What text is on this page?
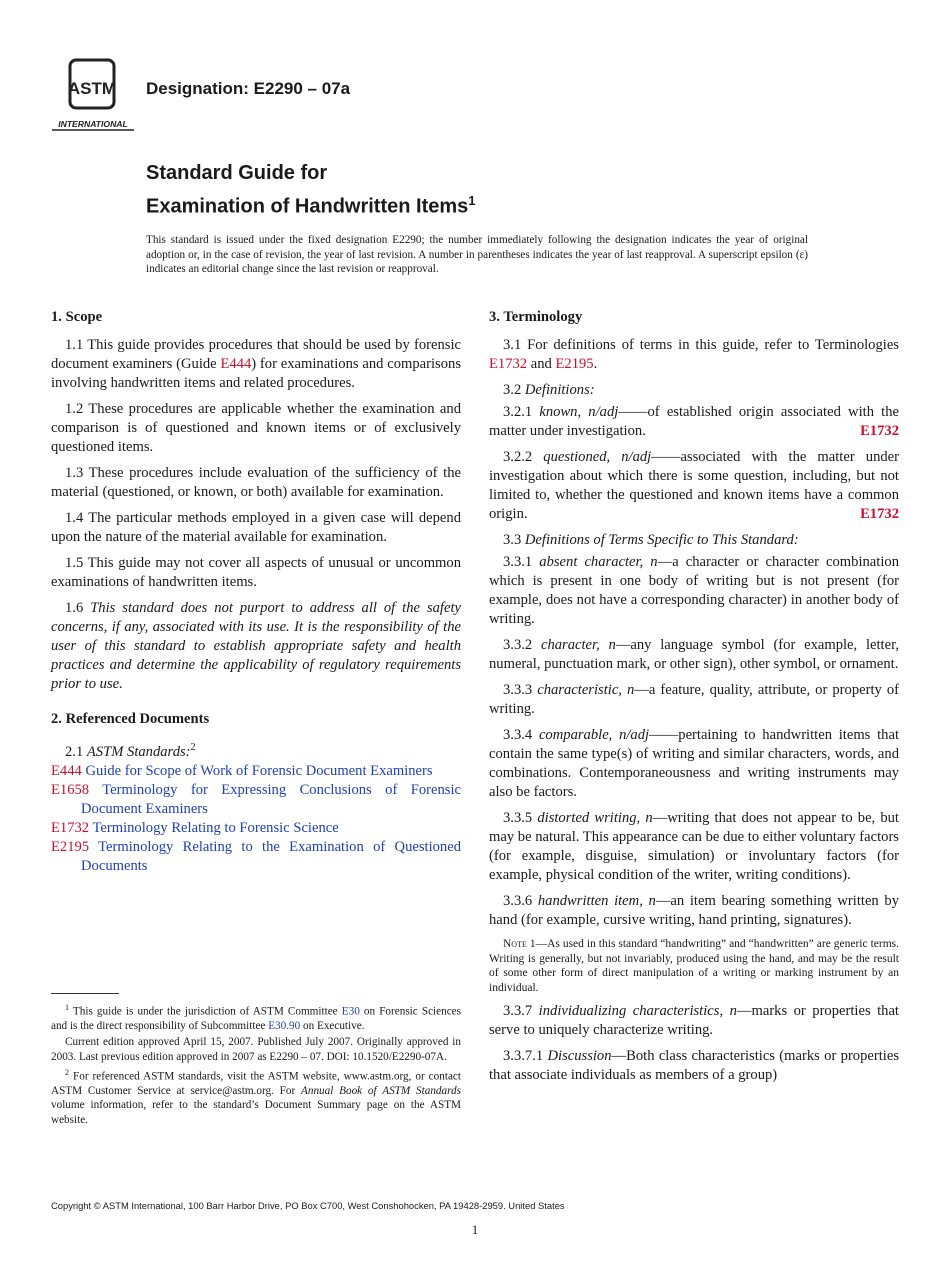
ASTM
INTERNATIONAL
Designation: E2290 – 07a
Standard Guide for
Examination of Handwritten Items$^1$
This standard is issued under the fixed designation E2290; the number immediately following the designation indicates the year of original adoption or, in the case of revision, the year of last revision. A number in parentheses indicates the year of last reapproval. A superscript epsilon (ε) indicates an editorial change since the last revision or reapproval.
1. Scope

1.1 This guide provides procedures that should be used by forensic document examiners (Guide E444) for examinations and comparisons involving handwritten items and related procedures.

1.2 These procedures are applicable whether the examination and comparison is of questioned and known items or of exclusively questioned items.

1.3 These procedures include evaluation of the sufficiency of the material (questioned, or known, or both) available for examination.

1.4 The particular methods employed in a given case will depend upon the nature of the material available for examination.

1.5 This guide may not cover all aspects of unusual or uncommon examinations of handwritten items.

1.6 This standard does not purport to address all of the safety concerns, if any, associated with its use. It is the responsibility of the user of this standard to establish appropriate safety and health practices and determine the applicability of regulatory requirements prior to use.

2. Referenced Documents

2.1 ASTM Standards:$^2$

E444 Guide for Scope of Work of Forensic Document Examiners
E1658 Terminology for Expressing Conclusions of Forensic Document Examiners
E1732 Terminology Relating to Forensic Science
E2195 Terminology Relating to the Examination of Questioned Documents

$^1$ This guide is under the jurisdiction of ASTM Committee E30 on Forensic Sciences and is the direct responsibility of Subcommittee E30.90 on Executive.

Current edition approved April 15, 2007. Published July 2007. Originally approved in 2003. Last previous edition approved in 2007 as E2290 – 07. DOI: 10.1520/E2290-07A.

$^2$ For referenced ASTM standards, visit the ASTM website, www.astm.org, or contact ASTM Customer Service at service@astm.org. For Annual Book of ASTM Standards volume information, refer to the standard’s Document Summary page on the ASTM website.

3. Terminology

3.1 For definitions of terms in this guide, refer to Terminologies E1732 and E2195.

3.2 Definitions:

3.2.1 known, n/adj——of established origin associated with the matter under investigation.	E1732

3.2.2 questioned, n/adj——associated with the matter under investigation about which there is some question, including, but not limited to, whether the questioned and known items have a common origin.	E1732

3.3 Definitions of Terms Specific to This Standard:

3.3.1 absent character, n—a character or character combination which is present in one body of writing but is not present (for example, does not have a corresponding character) in another body of writing.

3.3.2 character, n—any language symbol (for example, letter, numeral, punctuation mark, or other sign), other symbol, or ornament.

3.3.3 characteristic, n—a feature, quality, attribute, or property of writing.

3.3.4 comparable, n/adj——pertaining to handwritten items that contain the same type(s) of writing and similar characters, words, and combinations. Contemporaneousness and writing instruments may also be factors.

3.3.5 distorted writing, n—writing that does not appear to be, but may be natural. This appearance can be due to either voluntary factors (for example, disguise, simulation) or involuntary factors (for example, physical condition of the writer, writing conditions).

3.3.6 handwritten item, n—an item bearing something written by hand (for example, cursive writing, hand printing, signatures).

Note 1—As used in this standard “handwriting” and “handwritten” are generic terms. Writing is generally, but not invariably, produced using the hand, and may be the result of some other form of direct manipulation of a writing or marking instrument by an individual.

3.3.7 individualizing characteristics, n—marks or properties that serve to uniquely characterize writing.

3.3.7.1 Discussion—Both class characteristics (marks or properties that associate individuals as members of a group)

Copyright © ASTM International, 100 Barr Harbor Drive, PO Box C700, West Conshohocken, PA 19428-2959. United States
1
